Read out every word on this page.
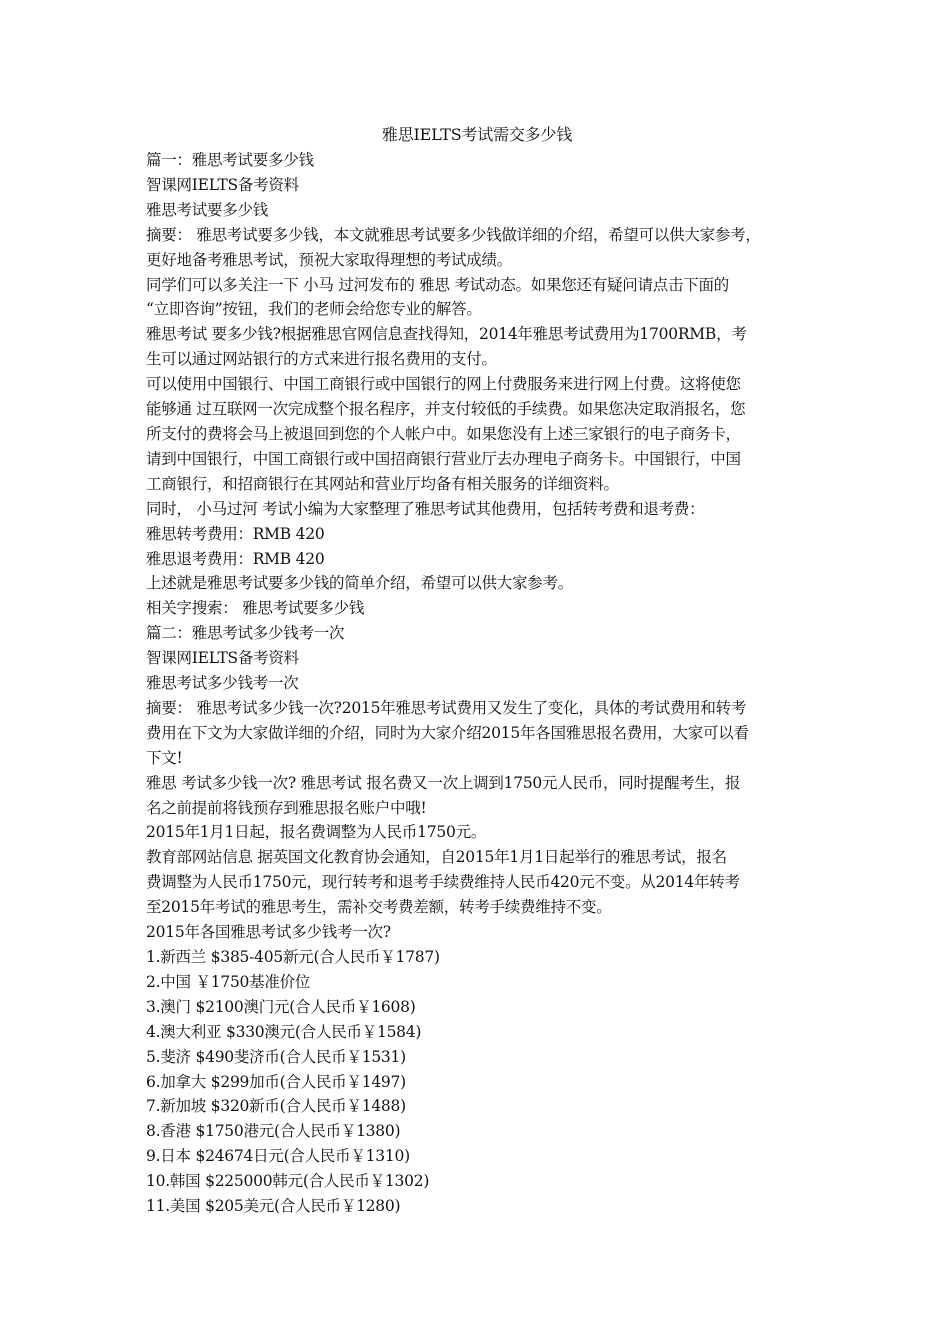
雅思IELTS考试需交多少钱
篇一：雅思考试要多少钱
智课网IELTS备考资料
雅思考试要多少钱
摘要： 雅思考试要多少钱，本文就雅思考试要多少钱做详细的介绍，希望可以供大家参考，
更好地备考雅思考试，预祝大家取得理想的考试成绩。
同学们可以多关注一下 小马 过河发布的 雅思 考试动态。如果您还有疑问请点击下面的
“立即咨询”按钮，我们的老师会给您专业的解答。
雅思考试 要多少钱?根据雅思官网信息查找得知，2014年雅思考试费用为1700RMB，考
生可以通过网站银行的方式来进行报名费用的支付。
可以使用中国银行、中国工商银行或中国银行的网上付费服务来进行网上付费。这将使您
能够通 过互联网一次完成整个报名程序，并支付较低的手续费。如果您决定取消报名，您
所支付的费将会马上被退回到您的个人帐户中。如果您没有上述三家银行的电子商务卡，
请到中国银行，中国工商银行或中国招商银行营业厅去办理电子商务卡。中国银行，中国
工商银行，和招商银行在其网站和营业厅均备有相关服务的详细资料。
同时， 小马过河 考试小编为大家整理了雅思考试其他费用，包括转考费和退考费：
雅思转考费用：RMB 420
雅思退考费用：RMB 420
上述就是雅思考试要多少钱的简单介绍，希望可以供大家参考。
相关字搜索： 雅思考试要多少钱
篇二：雅思考试多少钱考一次
智课网IELTS备考资料
雅思考试多少钱考一次
摘要： 雅思考试多少钱一次?2015年雅思考试费用又发生了变化，具体的考试费用和转考
费用在下文为大家做详细的介绍，同时为大家介绍2015年各国雅思报名费用，大家可以看
下文!
雅思 考试多少钱一次? 雅思考试 报名费又一次上调到1750元人民币，同时提醒考生，报
名之前提前将钱预存到雅思报名账户中哦!
2015年1月1日起，报名费调整为人民币1750元。
教育部网站信息 据英国文化教育协会通知，自2015年1月1日起举行的雅思考试，报名
费调整为人民币1750元，现行转考和退考手续费维持人民币420元不变。从2014年转考
至2015年考试的雅思考生，需补交考费差额，转考手续费维持不变。
2015年各国雅思考试多少钱考一次?
1.新西兰 $385-405新元(合人民币￥1787)
2.中国 ￥1750基准价位
3.澳门 $2100澳门元(合人民币￥1608)
4.澳大利亚 $330澳元(合人民币￥1584)
5.斐济 $490斐济币(合人民币￥1531)
6.加拿大 $299加币(合人民币￥1497)
7.新加坡 $320新币(合人民币￥1488)
8.香港 $1750港元(合人民币￥1380)
9.日本 $24674日元(合人民币￥1310)
10.韩国 $225000韩元(合人民币￥1302)
11.美国 $205美元(合人民币￥1280)
